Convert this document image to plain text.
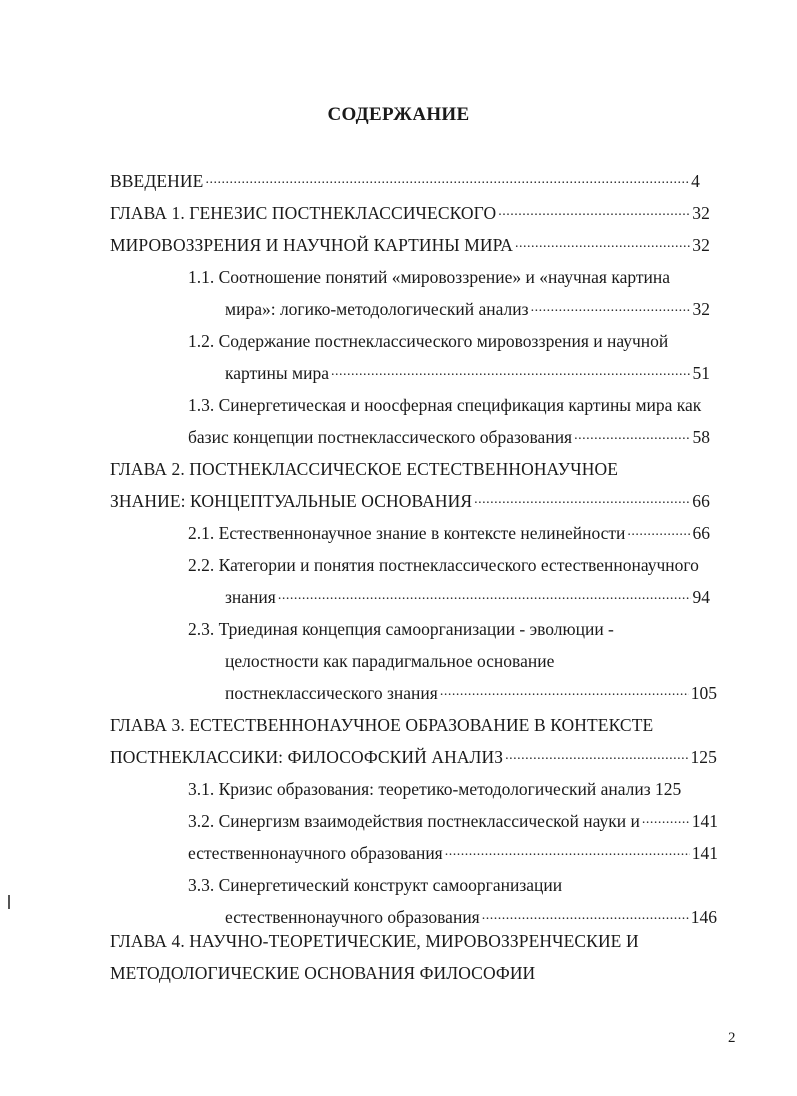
СОДЕРЖАНИЕ
ВВЕДЕНИЕ .....	4
ГЛАВА 1. ГЕНЕЗИС ПОСТНЕКЛАССИЧЕСКОГО .....	32
МИРОВОЗЗРЕНИЯ И НАУЧНОЙ КАРТИНЫ МИРА .....	32
1.1. Соотношение понятий «мировоззрение» и «научная картина
мира»: логико-методологический анализ .....	32
1.2. Содержание постнеклассического мировоззрения и научной
картины мира .....	51
1.3. Синергетическая и ноосферная спецификация картины мира как
базис концепции постнеклассического образования .....	58
ГЛАВА 2. ПОСТНЕКЛАССИЧЕСКОЕ ЕСТЕСТВЕННОНАУЧНОЕ
ЗНАНИЕ: КОНЦЕПТУАЛЬНЫЕ ОСНОВАНИЯ .....	66
2.1. Естественнонаучное знание в контексте нелинейности .....	66
2.2. Категории и понятия постнеклассического естественнонаучного
знания .....	94
2.3. Триединая концепция самоорганизации - эволюции -
целостности как парадигмальное основание
постнеклассического знания .....	105
ГЛАВА 3. ЕСТЕСТВЕННОНАУЧНОЕ ОБРАЗОВАНИЕ В КОНТЕКСТЕ
ПОСТНЕКЛАССИКИ: ФИЛОСОФСКИЙ АНАЛИЗ .....	125
3.1. Кризис образования: теоретико-методологический анализ 125
3.2. Синергизм взаимодействия постнеклассической науки и .....	141
естественнонаучного образования .....	141
3.3. Синергетический конструкт самоорганизации
естественнонаучного образования .....	146
ГЛАВА 4. НАУЧНО-ТЕОРЕТИЧЕСКИЕ, МИРОВОЗЗРЕНЧЕСКИЕ И
МЕТОДОЛОГИЧЕСКИЕ ОСНОВАНИЯ ФИЛОСОФИИ
2
